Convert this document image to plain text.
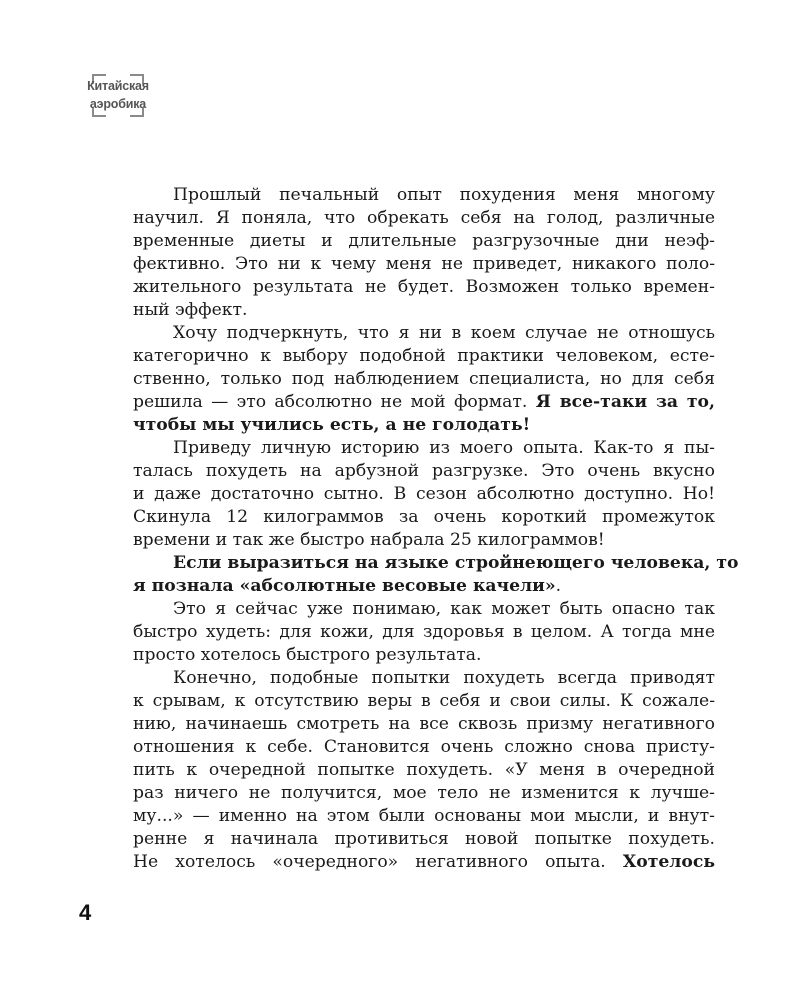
Китайская
аэробика
Прошлый печальный опыт похудения меня многому
научил. Я поняла, что обрекать себя на голод, различные
временные диеты и длительные разгрузочные дни неэф-
фективно. Это ни к чему меня не приведет, никакого поло-
жительного результата не будет. Возможен только времен-
ный эффект.
Хочу подчеркнуть, что я ни в коем случае не отношусь
категорично к выбору подобной практики человеком, есте-
ственно, только под наблюдением специалиста, но для себя
решила — это абсолютно не мой формат. Я все-таки за то,
чтобы мы учились есть, а не голодать!
Приведу личную историю из моего опыта. Как-то я пы-
талась похудеть на арбузной разгрузке. Это очень вкусно
и даже достаточно сытно. В сезон абсолютно доступно. Но!
Скинула 12 килограммов за очень короткий промежуток
времени и так же быстро набрала 25 килограммов!
Если выразиться на языке стройнеющего человека, то
я познала «абсолютные весовые качели».
Это я сейчас уже понимаю, как может быть опасно так
быстро худеть: для кожи, для здоровья в целом. А тогда мне
просто хотелось быстрого результата.
Конечно, подобные попытки похудеть всегда приводят
к срывам, к отсутствию веры в себя и свои силы. К сожале-
нию, начинаешь смотреть на все сквозь призму негативного
отношения к себе. Становится очень сложно снова присту-
пить к очередной попытке похудеть. «У меня в очередной
раз ничего не получится, мое тело не изменится к лучше-
му...» — именно на этом были основаны мои мысли, и внут-
ренне я начинала противиться новой попытке похудеть.
Не хотелось «очередного» негативного опыта. Хотелось
4
